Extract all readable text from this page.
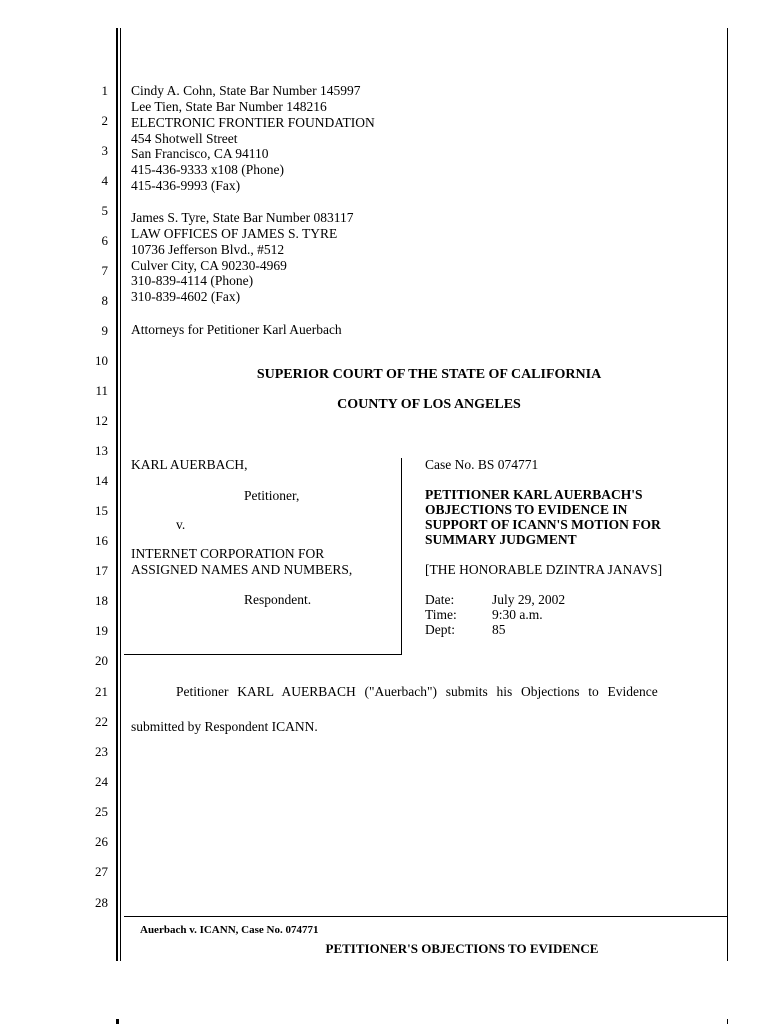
1
2
3
4
5
6
7
8
9
10
11
12
13
14
15
16
17
18
19
20
21
22
23
24
25
26
27
28
Cindy A. Cohn, State Bar Number 145997
Lee Tien, State Bar Number 148216
ELECTRONIC FRONTIER FOUNDATION
454 Shotwell Street
San Francisco, CA 94110
415-436-9333 x108 (Phone)
415-436-9993 (Fax)
James S. Tyre, State Bar Number 083117
LAW OFFICES OF JAMES S. TYRE
10736 Jefferson Blvd., #512
Culver City, CA 90230-4969
310-839-4114 (Phone)
310-839-4602 (Fax)
Attorneys for Petitioner Karl Auerbach
SUPERIOR COURT OF THE STATE OF CALIFORNIA
COUNTY OF LOS ANGELES
KARL AUERBACH,
Petitioner,
v.
INTERNET CORPORATION FOR
ASSIGNED NAMES AND NUMBERS,
Respondent.
Case No. BS 074771
PETITIONER KARL AUERBACH'S
OBJECTIONS TO EVIDENCE IN
SUPPORT OF ICANN'S MOTION FOR
SUMMARY JUDGMENT
[THE HONORABLE DZINTRA JANAVS]
Date:	July 29, 2002
Time:	9:30 a.m.
Dept:	85
Petitioner  KARL  AUERBACH  ("Auerbach")  submits  his  Objections  to  Evidence
submitted by Respondent ICANN.
Auerbach v. ICANN, Case No. 074771
PETITIONER'S OBJECTIONS TO EVIDENCE
